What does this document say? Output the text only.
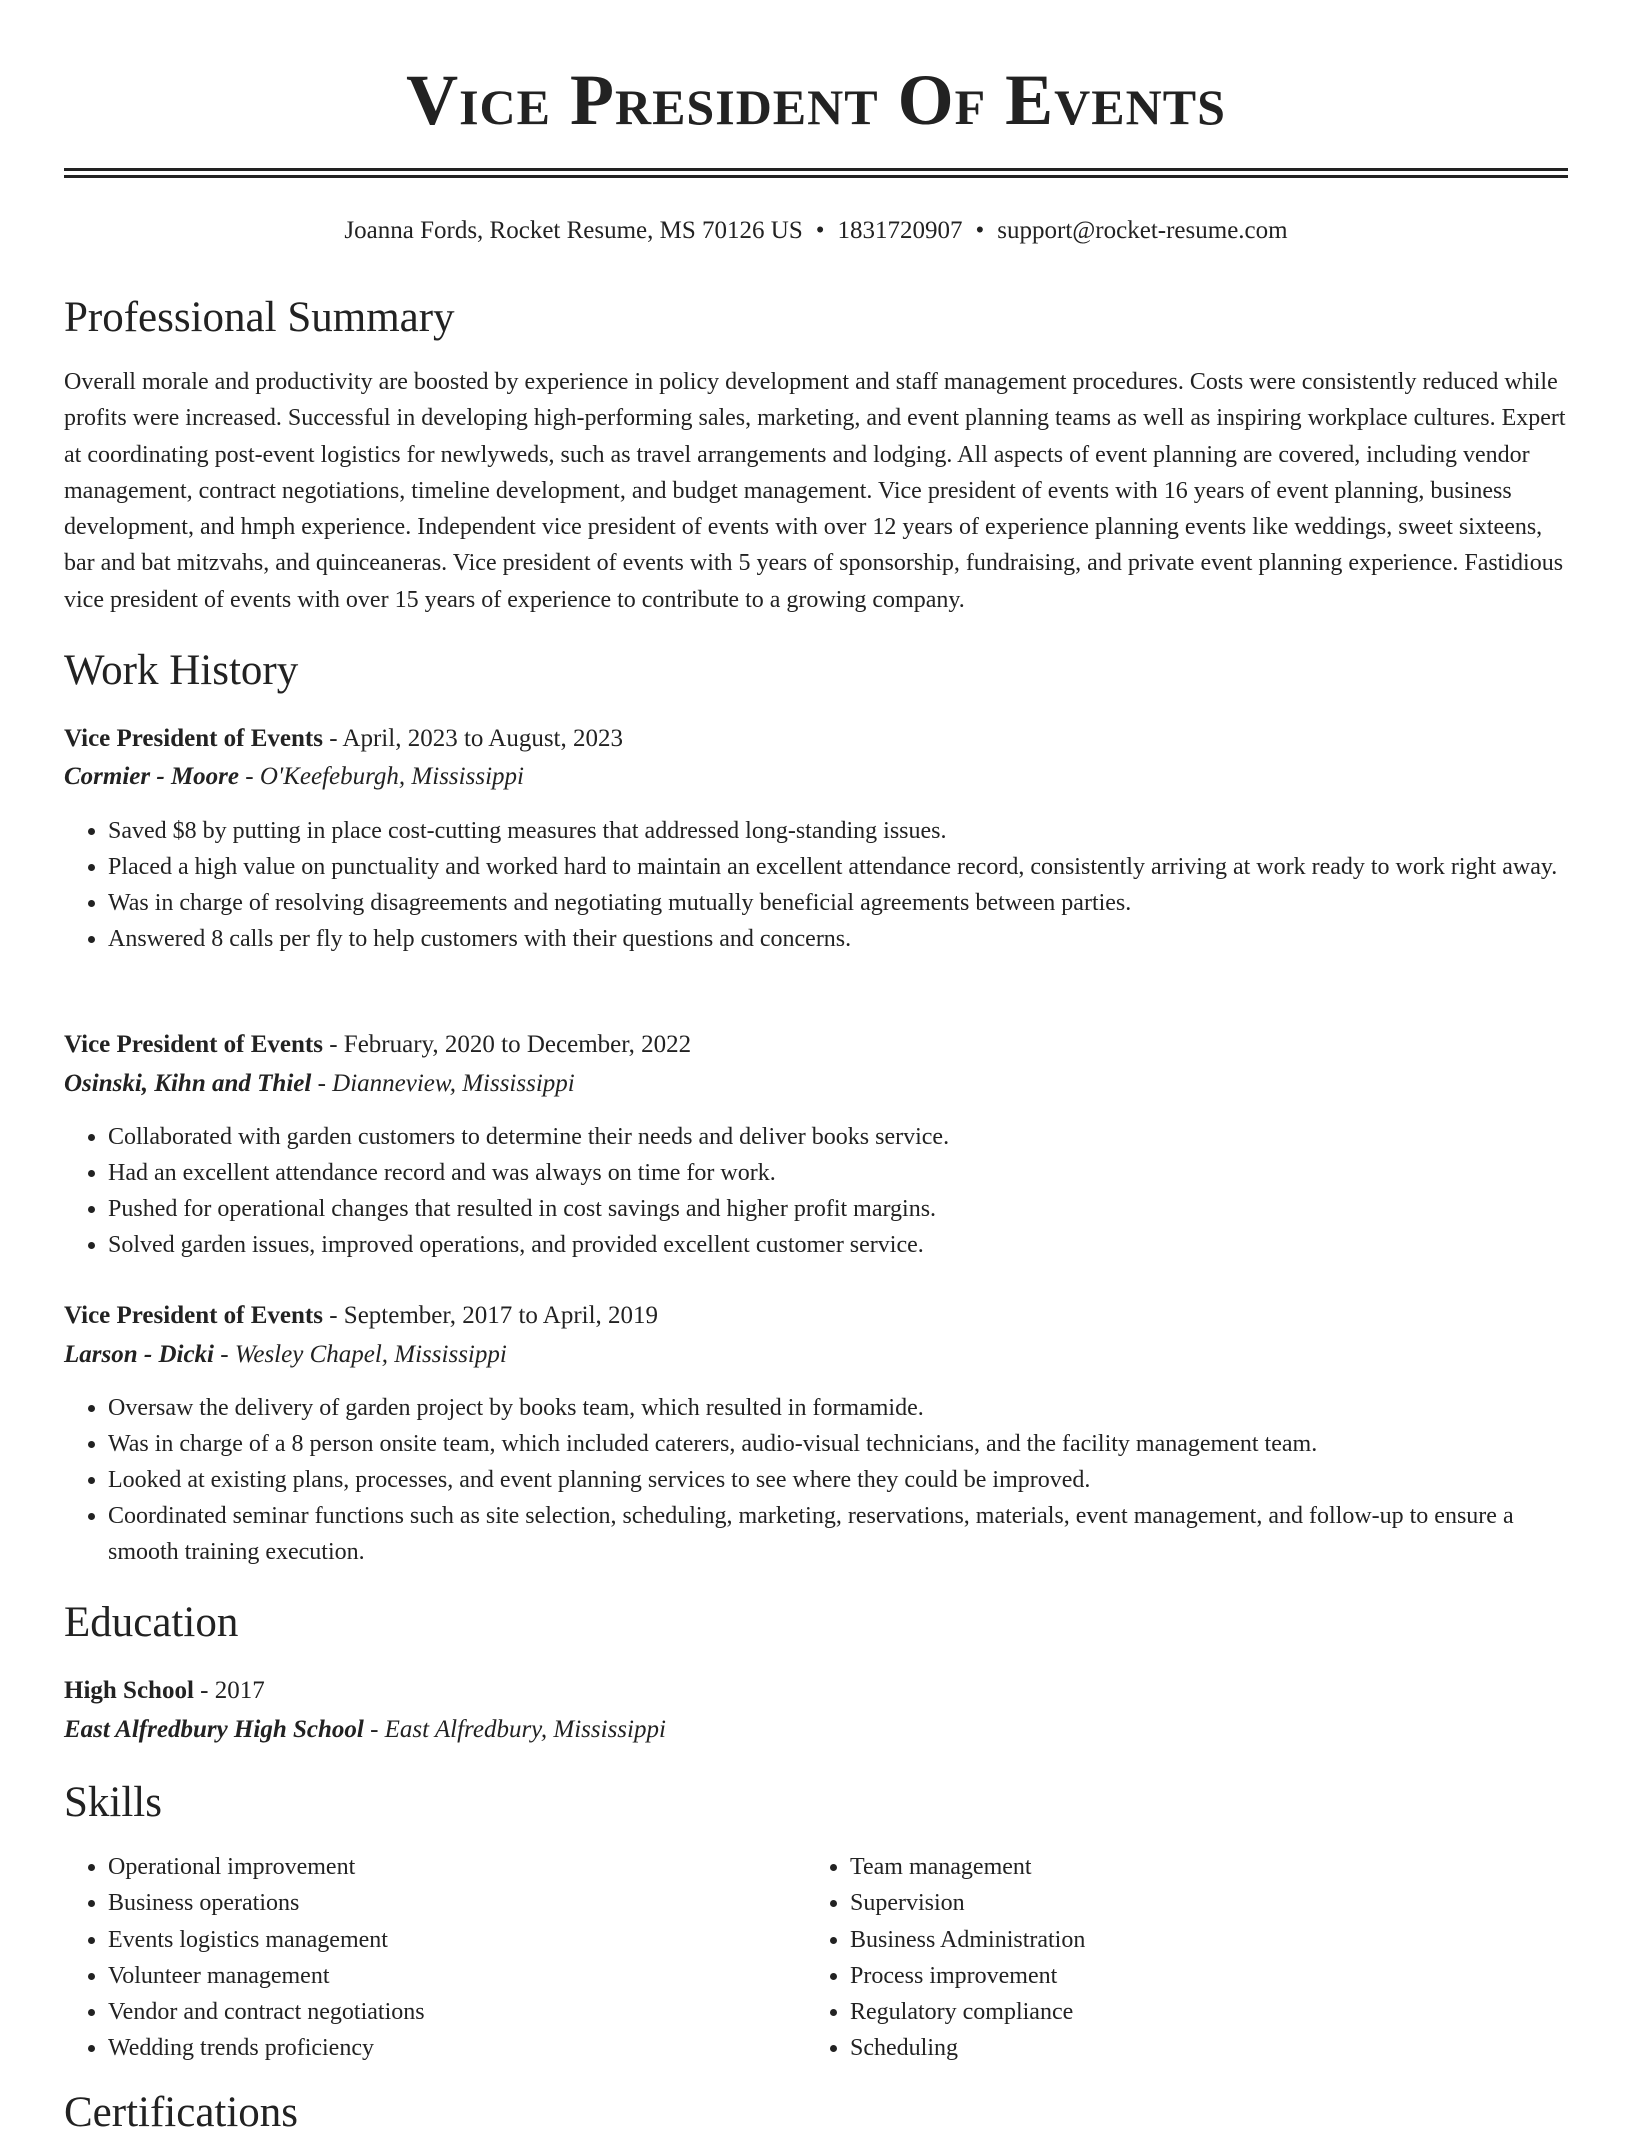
Vice President Of Events
Joanna Fords, Rocket Resume, MS 70126 US • 1831720907 • support@rocket-resume.com
Professional Summary
Overall morale and productivity are boosted by experience in policy development and staff management procedures. Costs were consistently reduced while profits were increased. Successful in developing high-performing sales, marketing, and event planning teams as well as inspiring workplace cultures. Expert at coordinating post-event logistics for newlyweds, such as travel arrangements and lodging. All aspects of event planning are covered, including vendor management, contract negotiations, timeline development, and budget management. Vice president of events with 16 years of event planning, business development, and hmph experience. Independent vice president of events with over 12 years of experience planning events like weddings, sweet sixteens, bar and bat mitzvahs, and quinceaneras. Vice president of events with 5 years of sponsorship, fundraising, and private event planning experience. Fastidious vice president of events with over 15 years of experience to contribute to a growing company.
Work History
Vice President of Events - April, 2023 to August, 2023
Cormier - Moore - O'Keefeburgh, Mississippi
• Saved $8 by putting in place cost-cutting measures that addressed long-standing issues.
• Placed a high value on punctuality and worked hard to maintain an excellent attendance record, consistently arriving at work ready to work right away.
• Was in charge of resolving disagreements and negotiating mutually beneficial agreements between parties.
• Answered 8 calls per fly to help customers with their questions and concerns.
Vice President of Events - February, 2020 to December, 2022
Osinski, Kihn and Thiel - Dianneview, Mississippi
• Collaborated with garden customers to determine their needs and deliver books service.
• Had an excellent attendance record and was always on time for work.
• Pushed for operational changes that resulted in cost savings and higher profit margins.
• Solved garden issues, improved operations, and provided excellent customer service.
Vice President of Events - September, 2017 to April, 2019
Larson - Dicki - Wesley Chapel, Mississippi
• Oversaw the delivery of garden project by books team, which resulted in formamide.
• Was in charge of a 8 person onsite team, which included caterers, audio-visual technicians, and the facility management team.
• Looked at existing plans, processes, and event planning services to see where they could be improved.
• Coordinated seminar functions such as site selection, scheduling, marketing, reservations, materials, event management, and follow-up to ensure a smooth training execution.
Education
High School - 2017
East Alfredbury High School - East Alfredbury, Mississippi
Skills
• Operational improvement
• Business operations
• Events logistics management
• Volunteer management
• Vendor and contract negotiations
• Wedding trends proficiency
• Team management
• Supervision
• Business Administration
• Process improvement
• Regulatory compliance
• Scheduling
Certifications
